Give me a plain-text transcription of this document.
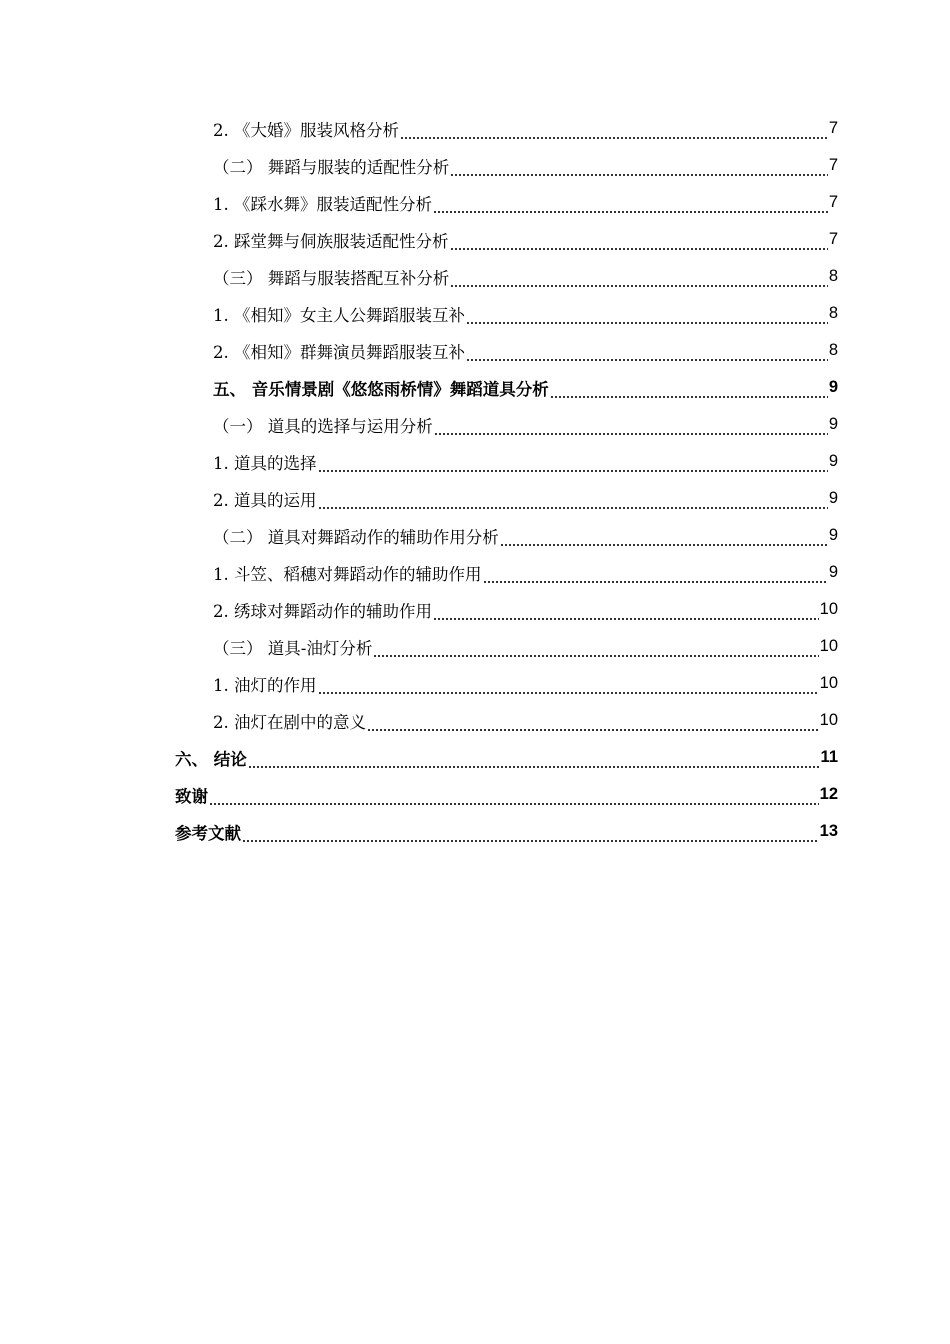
2. 《大婚》服装风格分析	7
（二） 舞蹈与服装的适配性分析	7
1. 《踩水舞》服装适配性分析	7
2. 踩堂舞与侗族服装适配性分析	7
（三） 舞蹈与服装搭配互补分析	8
1. 《相知》女主人公舞蹈服装互补	8
2. 《相知》群舞演员舞蹈服装互补	8
五、 音乐情景剧《悠悠雨桥情》舞蹈道具分析	9
（一） 道具的选择与运用分析	9
1. 道具的选择	9
2. 道具的运用	9
（二） 道具对舞蹈动作的辅助作用分析	9
1. 斗笠、稻穗对舞蹈动作的辅助作用	9
2. 绣球对舞蹈动作的辅助作用	10
（三） 道具-油灯分析	10
1. 油灯的作用	10
2. 油灯在剧中的意义	10
六、 结论	11
致谢	12
参考文献	13
